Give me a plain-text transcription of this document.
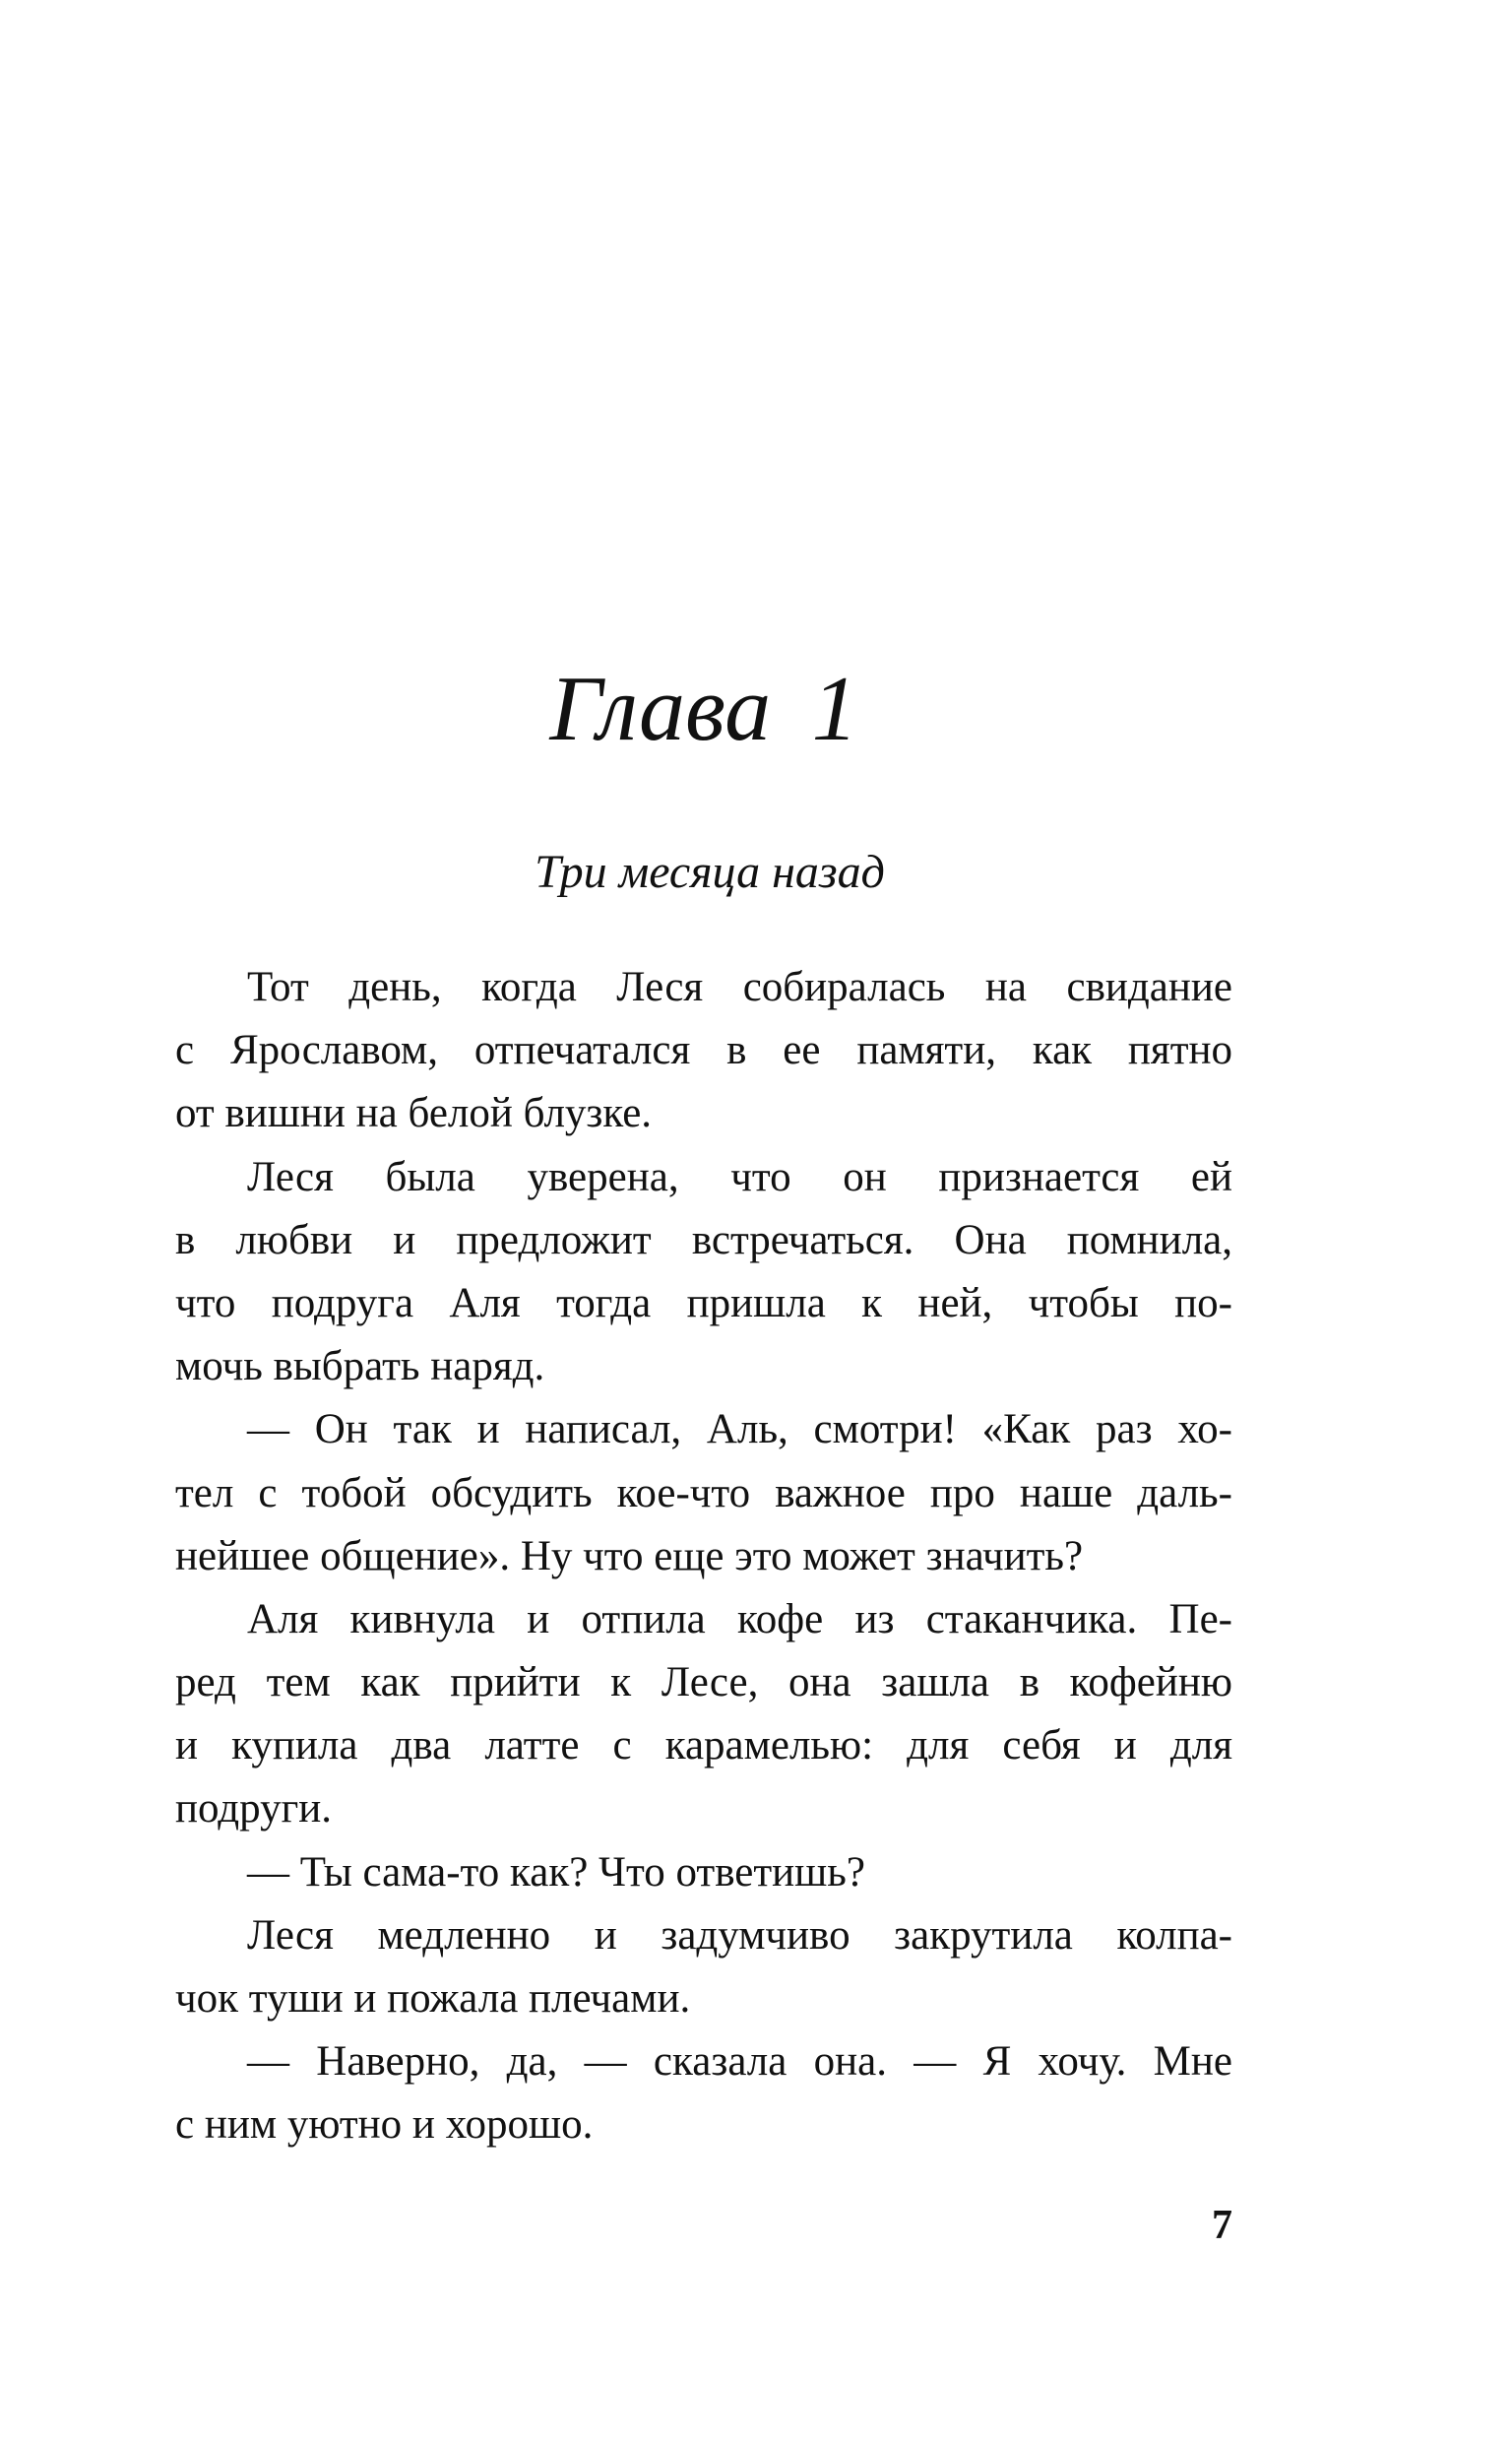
Глава 1
Три месяца назад
Тот день, когда Леся собиралась на свидание
с Ярославом, отпечатался в ее памяти, как пятно
от вишни на белой блузке.
Леся была уверена, что он признается ей
в любви и предложит встречаться. Она помнила,
что подруга Аля тогда пришла к ней, чтобы по-
мочь выбрать наряд.
— Он так и написал, Аль, смотри! «Как раз хо-
тел с тобой обсудить кое-что важное про наше даль-
нейшее общение». Ну что еще это может значить?
Аля кивнула и отпила кофе из стаканчика. Пе-
ред тем как прийти к Лесе, она зашла в кофейню
и купила два латте с карамелью: для себя и для
подруги.
— Ты сама-то как? Что ответишь?
Леся медленно и задумчиво закрутила колпа-
чок туши и пожала плечами.
— Наверно, да, — сказала она. — Я хочу. Мне
с ним уютно и хорошо.
7
